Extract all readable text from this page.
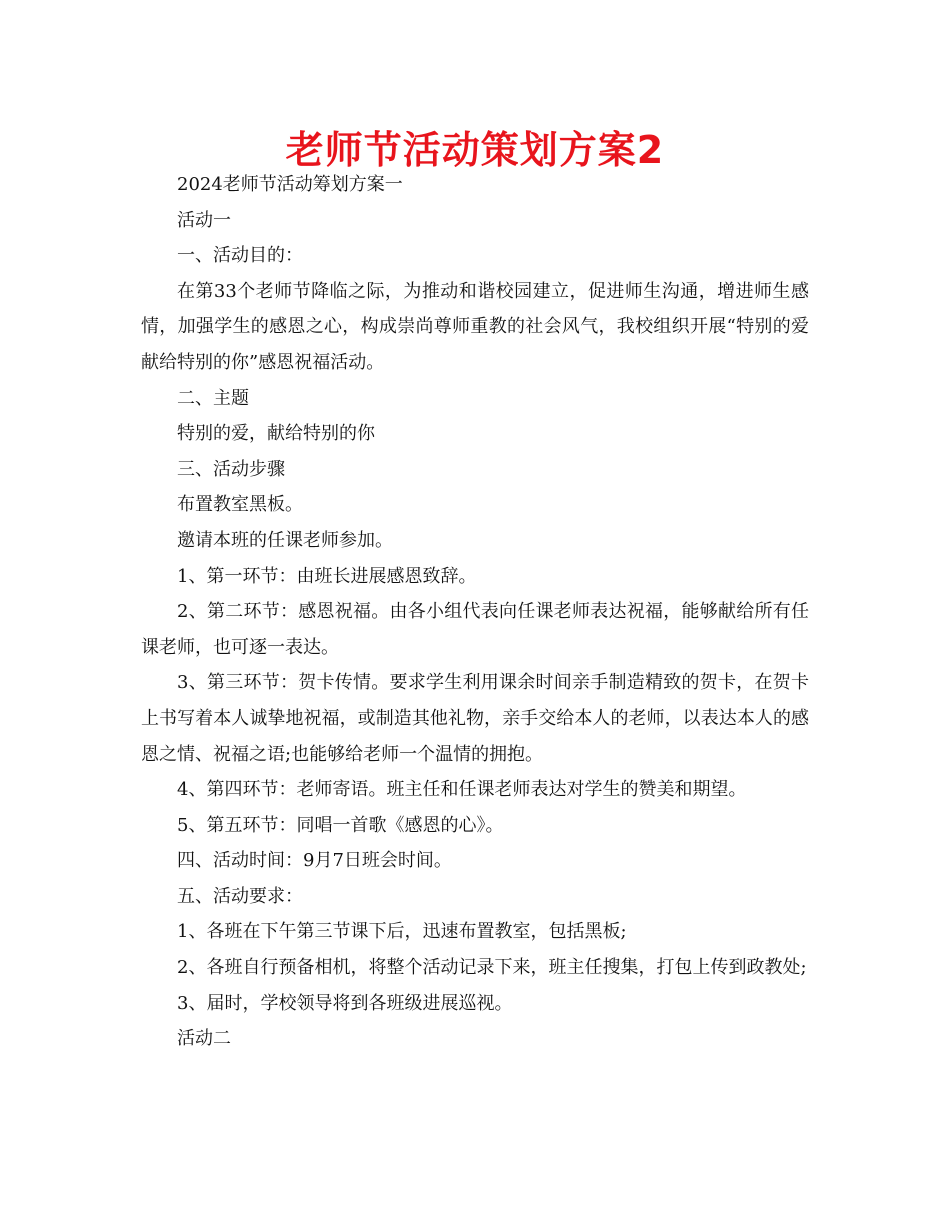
老师节活动策划方案2

2024老师节活动筹划方案一

活动一

一、活动目的：

在第33个老师节降临之际，为推动和谐校园建立，促进师生沟通，增进师生感情，加强学生的感恩之心，构成崇尚尊师重教的社会风气，我校组织开展“特别的爱献给特别的你”感恩祝福活动。

二、主题

特别的爱，献给特别的你

三、活动步骤

布置教室黑板。

邀请本班的任课老师参加。

1、第一环节：由班长进展感恩致辞。

2、第二环节：感恩祝福。由各小组代表向任课老师表达祝福，能够献给所有任课老师，也可逐一表达。

3、第三环节：贺卡传情。要求学生利用课余时间亲手制造精致的贺卡，在贺卡上书写着本人诚挚地祝福，或制造其他礼物，亲手交给本人的老师，以表达本人的感恩之情、祝福之语;也能够给老师一个温情的拥抱。

4、第四环节：老师寄语。班主任和任课老师表达对学生的赞美和期望。

5、第五环节：同唱一首歌《感恩的心》。

四、活动时间：9月7日班会时间。

五、活动要求：

1、各班在下午第三节课下后，迅速布置教室，包括黑板;

2、各班自行预备相机，将整个活动记录下来，班主任搜集，打包上传到政教处;

3、届时，学校领导将到各班级进展巡视。

活动二
